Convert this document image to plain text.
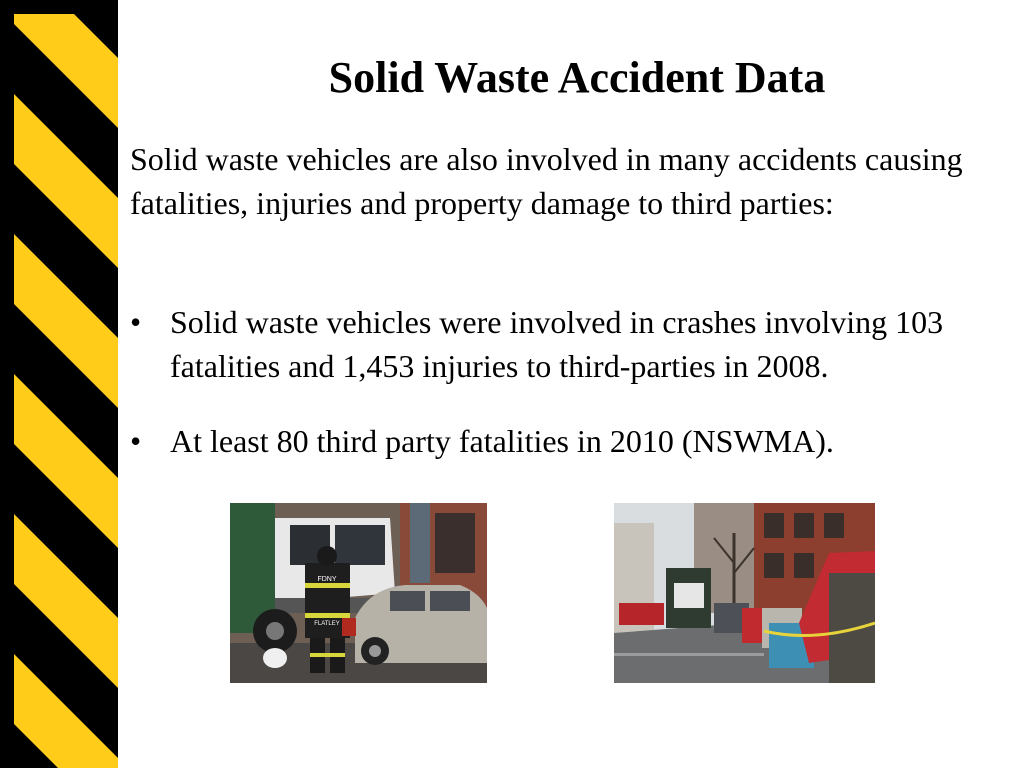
Solid Waste Accident Data
Solid waste vehicles are also involved in many accidents causing fatalities, injuries and property damage to third parties:
• Solid waste vehicles were involved in crashes involving 103 fatalities and 1,453 injuries to third-parties in 2008.
• At least 80 third party fatalities in 2010 (NSWMA).
FDNY
FLATLEY
